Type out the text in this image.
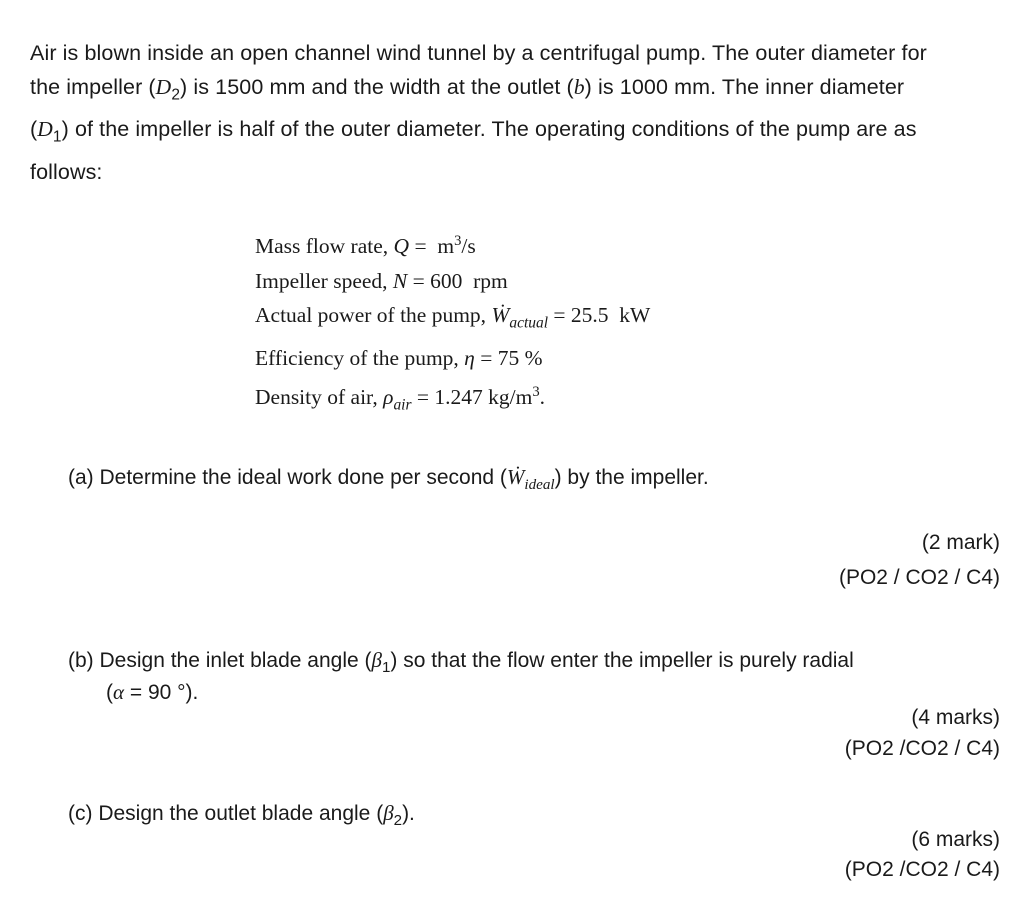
Air is blown inside an open channel wind tunnel by a centrifugal pump. The outer diameter for
the impeller $(D_2)$ is 1500 mm and the width at the outlet (b) is 1000 mm. The inner diameter
$(D_1)$ of the impeller is half of the outer diameter. The operating conditions of the pump are as
follows:
Mass flow rate, $Q = m^3/s$
Impeller speed, N = 600 rpm
Actual power of the pump, Ẇ$_{actual}$ = 25.5 kW
Efficiency of the pump, η = 75 %
Density of air, $\rho_{air} = 1.247$ $kg/m^3$.
(a) Determine the ideal work done per second (Ẇ$_{ideal}$) by the impeller.
(2 mark)
(PO2 / CO2 / C4)
(b) Design the inlet blade angle $(\beta_1)$ so that the flow enter the impeller is purely radial
(α = 90 °).
(4 marks)
(PO2 /CO2 / C4)
(c) Design the outlet blade angle $(\beta_2)$.
(6 marks)
(PO2 /CO2 / C4)
